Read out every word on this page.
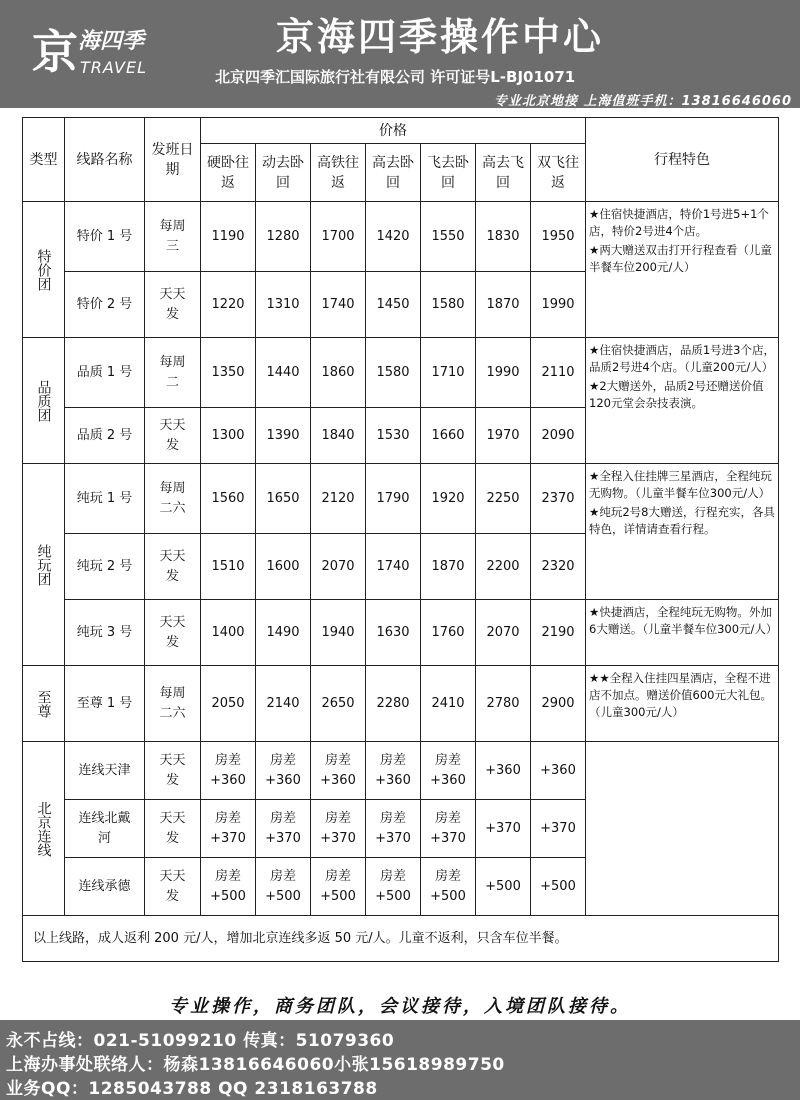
京 海四季
TRAVEL
京海四季操作中心
北京四季汇国际旅行社有限公司 许可证号L-BJ01071
专业北京地接 上海值班手机：13816646060
类型	线路名称	发班日期	价格							行程特色
			硬卧往返	动去卧回	高铁往返	高去卧回	飞去卧回	高去飞回	双飞往返	
特价团	特价 1 号	每周三	1190	1280	1700	1420	1550	1830	1950	★住宿快捷酒店，特价1号进5+1个店，特价2号进4个店。
★两大赠送双击打开行程查看（儿童半餐车位200元/人）

	特价 2 号	天天发	1220	1310	1740	1450	1580	1870	1990	
品质团	品质 1 号	每周二	1350	1440	1860	1580	1710	1990	2110	★住宿快捷酒店，品质1号进3个店，品质2号进4个店。（儿童200元/人）
★2大赠送外，品质2号还赠送价值120元堂会杂技表演。

	品质 2 号	天天发	1300	1390	1840	1530	1660	1970	2090	
纯玩团	纯玩 1 号	每周二六	1560	1650	2120	1790	1920	2250	2370	★全程入住挂牌三星酒店，全程纯玩无购物。（儿童半餐车位300元/人）
★纯玩2号8大赠送，行程充实，各具特色，详情请查看行程。

	纯玩 2 号	天天发	1510	1600	2070	1740	1870	2200	2320	
	纯玩 3 号	天天发	1400	1490	1940	1630	1760	2070	2190	★快捷酒店，全程纯玩无购物。外加6大赠送。（儿童半餐车位300元/人）

至尊	至尊 1 号	每周二六	2050	2140	2650	2280	2410	2780	2900	★★全程入住挂四星酒店，全程不进店不加点。赠送价值600元大礼包。（儿童300元/人）

北京连线	连线天津	天天发	房差+360	房差+360	房差+360	房差+360	房差+360	+360	+360	
	连线北戴河	天天发	房差+370	房差+370	房差+370	房差+370	房差+370	+370	+370	
	连线承德	天天发	房差+500	房差+500	房差+500	房差+500	房差+500	+500	+500	
以上线路，成人返利 200 元/人，增加北京连线多返 50 元/人。儿童不返利，只含车位半餐。										
专业操作，商务团队，会议接待，入境团队接待。
永不占线：021-51099210 传真：51079360
上海办事处联络人：杨森13816646060小张15618989750
业务QQ：1285043788 QQ 2318163788
